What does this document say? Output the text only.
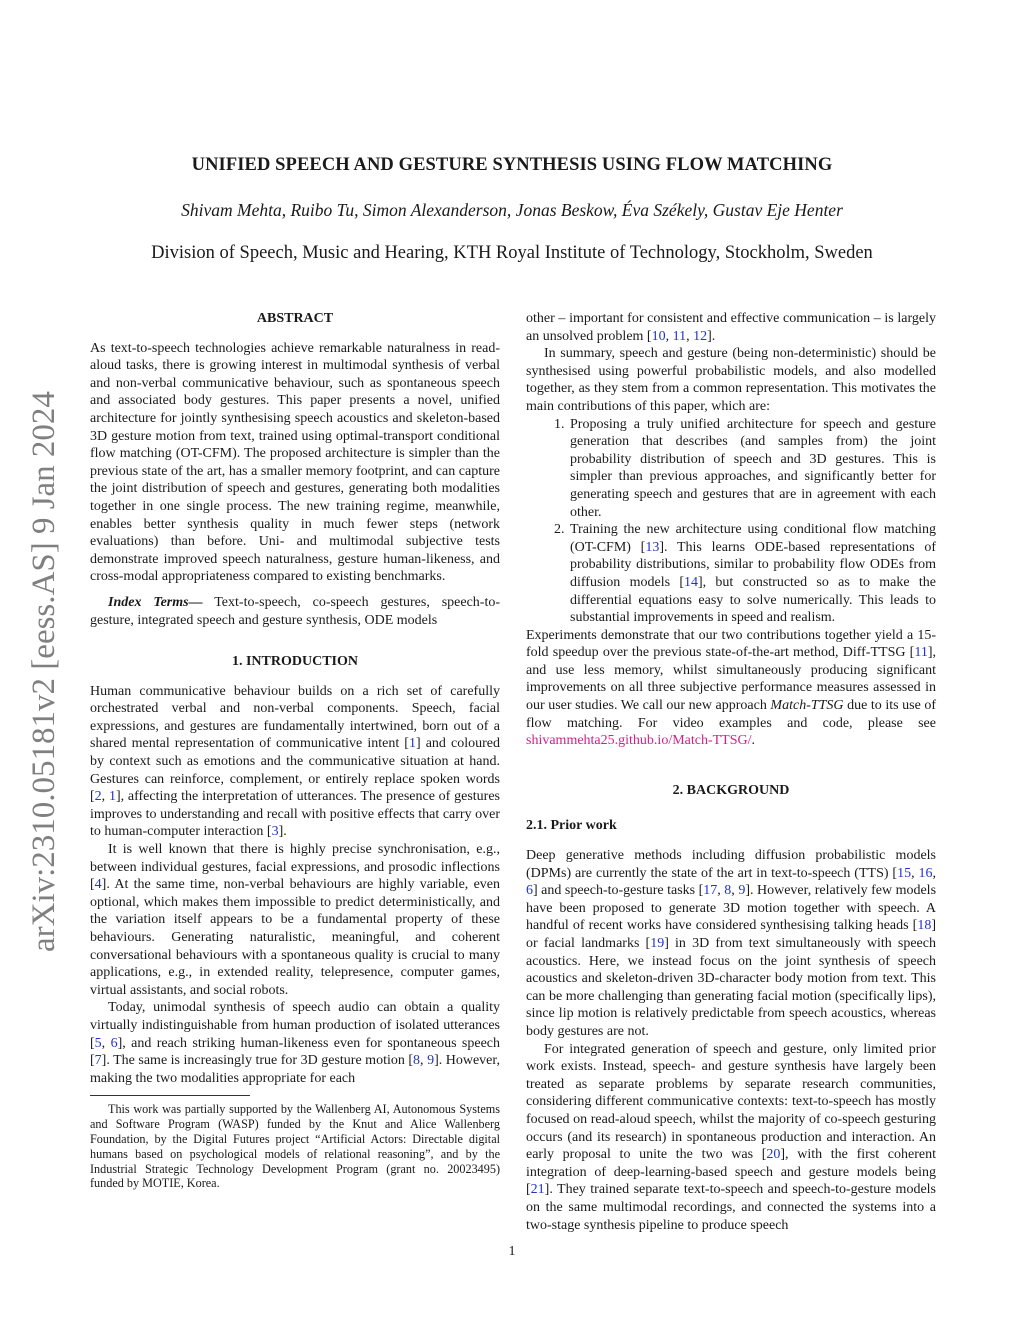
arXiv:2310.05181v2 [eess.AS] 9 Jan 2024
UNIFIED SPEECH AND GESTURE SYNTHESIS USING FLOW MATCHING
Shivam Mehta, Ruibo Tu, Simon Alexanderson, Jonas Beskow, Éva Székely, Gustav Eje Henter
Division of Speech, Music and Hearing, KTH Royal Institute of Technology, Stockholm, Sweden

ABSTRACT

As text-to-speech technologies achieve remarkable naturalness in read-aloud tasks, there is growing interest in multimodal synthesis of verbal and non-verbal communicative behaviour, such as spontaneous speech and associated body gestures. This paper presents a novel, unified architecture for jointly synthesising speech acoustics and skeleton-based 3D gesture motion from text, trained using optimal-transport conditional flow matching (OT-CFM). The proposed architecture is simpler than the previous state of the art, has a smaller memory footprint, and can capture the joint distribution of speech and gestures, generating both modalities together in one single process. The new training regime, meanwhile, enables better synthesis quality in much fewer steps (network evaluations) than before. Uni- and multimodal subjective tests demonstrate improved speech naturalness, gesture human-likeness, and cross-modal appropriateness compared to existing benchmarks.

Index Terms— Text-to-speech, co-speech gestures, speech-to-gesture, integrated speech and gesture synthesis, ODE models

1. INTRODUCTION

Human communicative behaviour builds on a rich set of carefully orchestrated verbal and non-verbal components. Speech, facial expressions, and gestures are fundamentally intertwined, born out of a shared mental representation of communicative intent [1] and coloured by context such as emotions and the communicative situation at hand. Gestures can reinforce, complement, or entirely replace spoken words [2, 1], affecting the interpretation of utterances. The presence of gestures improves to understanding and recall with positive effects that carry over to human-computer interaction [3].

It is well known that there is highly precise synchronisation, e.g., between individual gestures, facial expressions, and prosodic inflections [4]. At the same time, non-verbal behaviours are highly variable, even optional, which makes them impossible to predict deterministically, and the variation itself appears to be a fundamental property of these behaviours. Generating naturalistic, meaningful, and coherent conversational behaviours with a spontaneous quality is crucial to many applications, e.g., in extended reality, telepresence, computer games, virtual assistants, and social robots.

Today, unimodal synthesis of speech audio can obtain a quality virtually indistinguishable from human production of isolated utterances [5, 6], and reach striking human-likeness even for spontaneous speech [7]. The same is increasingly true for 3D gesture motion [8, 9]. However, making the two modalities appropriate for each

This work was partially supported by the Wallenberg AI, Autonomous Systems and Software Program (WASP) funded by the Knut and Alice Wallenberg Foundation, by the Digital Futures project “Artificial Actors: Directable digital humans based on psychological models of relational reasoning”, and by the Industrial Strategic Technology Development Program (grant no. 20023495) funded by MOTIE, Korea.

other – important for consistent and effective communication – is largely an unsolved problem [10, 11, 12].

In summary, speech and gesture (being non-deterministic) should be synthesised using powerful probabilistic models, and also modelled together, as they stem from a common representation. This motivates the main contributions of this paper, which are:

1. Proposing a truly unified architecture for speech and gesture generation that describes (and samples from) the joint probability distribution of speech and 3D gestures. This is simpler than previous approaches, and significantly better for generating speech and gestures that are in agreement with each other.
2. Training the new architecture using conditional flow matching (OT-CFM) [13]. This learns ODE-based representations of probability distributions, similar to probability flow ODEs from diffusion models [14], but constructed so as to make the differential equations easy to solve numerically. This leads to substantial improvements in speed and realism.

Experiments demonstrate that our two contributions together yield a 15-fold speedup over the previous state-of-the-art method, Diff-TTSG [11], and use less memory, whilst simultaneously producing significant improvements on all three subjective performance measures assessed in our user studies. We call our new approach Match-TTSG due to its use of flow matching. For video examples and code, please see shivammehta25.github.io/Match-TTSG/.

2. BACKGROUND

2.1. Prior work

Deep generative methods including diffusion probabilistic models (DPMs) are currently the state of the art in text-to-speech (TTS) [15, 16, 6] and speech-to-gesture tasks [17, 8, 9]. However, relatively few models have been proposed to generate 3D motion together with speech. A handful of recent works have considered synthesising talking heads [18] or facial landmarks [19] in 3D from text simultaneously with speech acoustics. Here, we instead focus on the joint synthesis of speech acoustics and skeleton-driven 3D-character body motion from text. This can be more challenging than generating facial motion (specifically lips), since lip motion is relatively predictable from speech acoustics, whereas body gestures are not.

For integrated generation of speech and gesture, only limited prior work exists. Instead, speech- and gesture synthesis have largely been treated as separate problems by separate research communities, considering different communicative contexts: text-to-speech has mostly focused on read-aloud speech, whilst the majority of co-speech gesturing occurs (and its research) in spontaneous production and interaction. An early proposal to unite the two was [20], with the first coherent integration of deep-learning-based speech and gesture models being [21]. They trained separate text-to-speech and speech-to-gesture models on the same multimodal recordings, and connected the systems into a two-stage synthesis pipeline to produce speech

1
